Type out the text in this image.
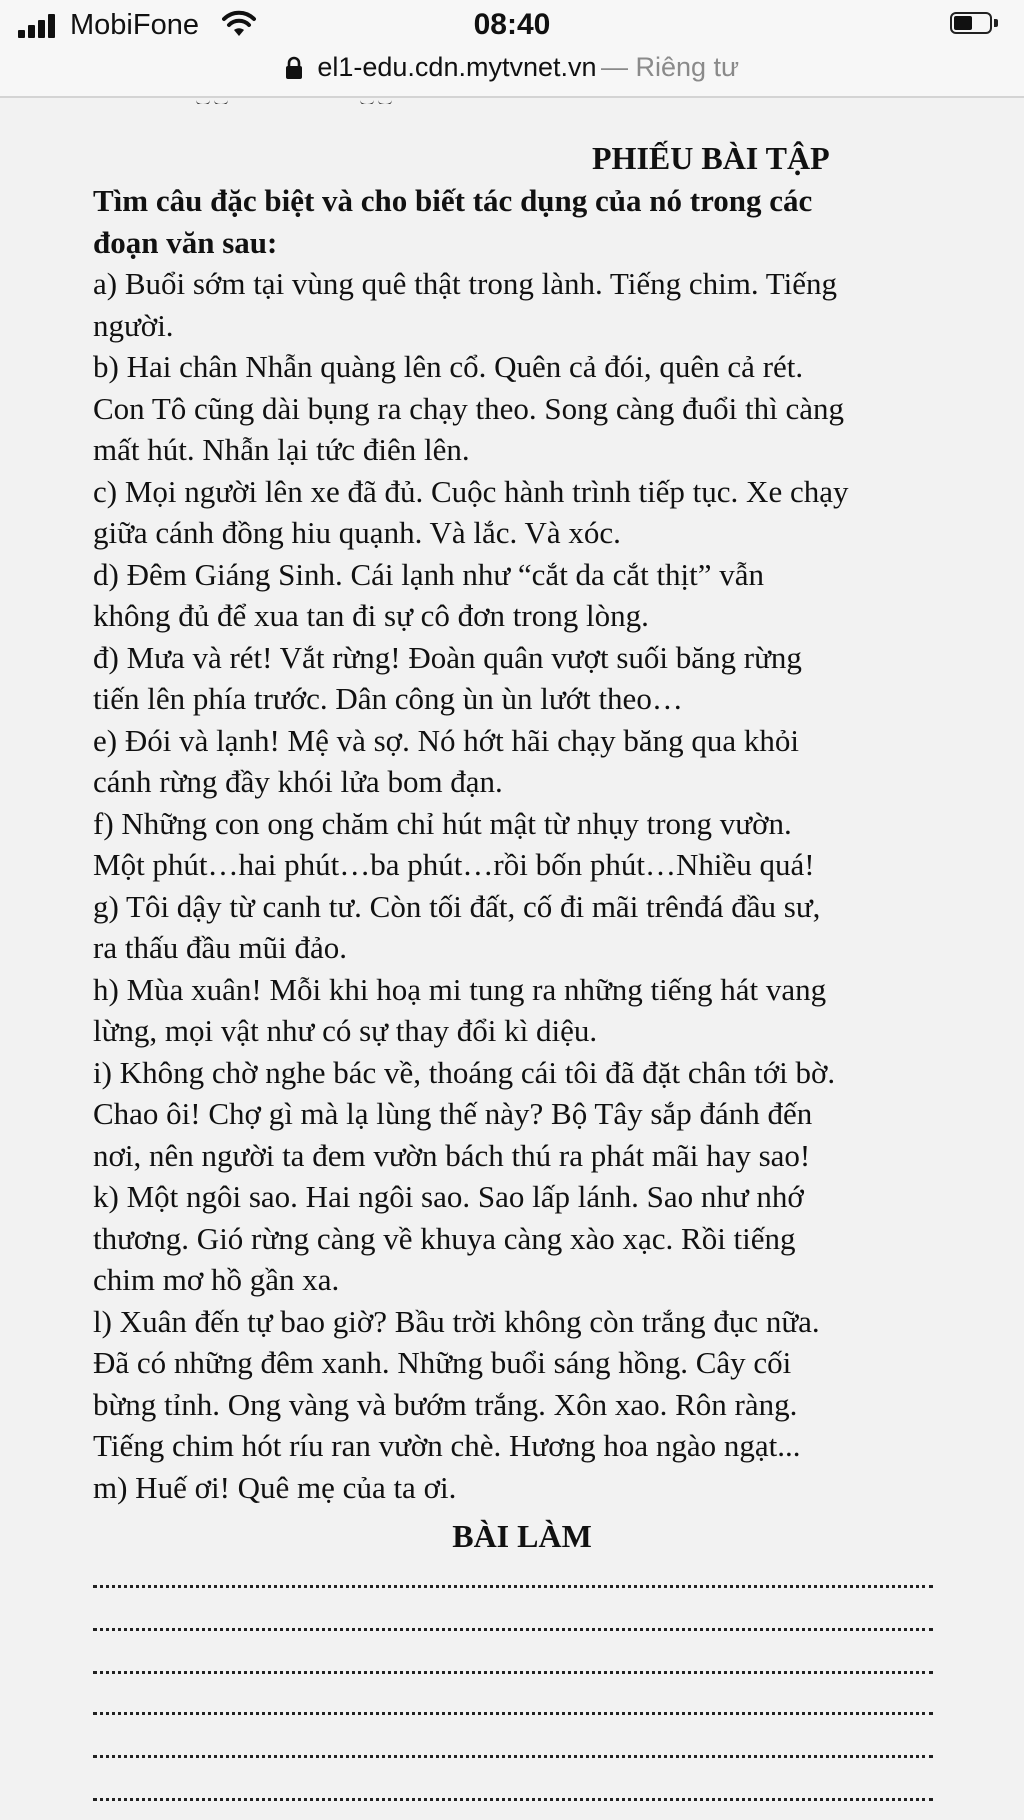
MobiFone	08:40
el1-edu.cdn.mytvnet.vn — Riêng tư
PHIẾU BÀI TẬP
Tìm câu đặc biệt và cho biết tác dụng của nó trong các
đoạn văn sau:
a) Buổi sớm tại vùng quê thật trong lành. Tiếng chim. Tiếng
người.
b) Hai chân Nhẫn quàng lên cổ. Quên cả đói, quên cả rét.
Con Tô cũng dài bụng ra chạy theo. Song càng đuổi thì càng
mất hút. Nhẫn lại tức điên lên.
c) Mọi người lên xe đã đủ. Cuộc hành trình tiếp tục. Xe chạy
giữa cánh đồng hiu quạnh. Và lắc. Và xóc.
d) Đêm Giáng Sinh. Cái lạnh như “cắt da cắt thịt” vẫn
không đủ để xua tan đi sự cô đơn trong lòng.
đ) Mưa và rét! Vắt rừng! Đoàn quân vượt suối băng rừng
tiến lên phía trước. Dân công ùn ùn lướt theo…
e) Đói và lạnh! Mệ và sợ. Nó hớt hãi chạy băng qua khỏi
cánh rừng đầy khói lửa bom đạn.
f) Những con ong chăm chỉ hút mật từ nhụy trong vườn.
Một phút…hai phút…ba phút…rồi bốn phút…Nhiều quá!
g) Tôi dậy từ canh tư. Còn tối đất, cố đi mãi trênđá đầu sư,
ra thấu đầu mũi đảo.
h) Mùa xuân! Mỗi khi hoạ mi tung ra những tiếng hát vang
lừng, mọi vật như có sự thay đổi kì diệu.
i) Không chờ nghe bác về, thoáng cái tôi đã đặt chân tới bờ.
Chao ôi! Chợ gì mà lạ lùng thế này? Bộ Tây sắp đánh đến
nơi, nên người ta đem vườn bách thú ra phát mãi hay sao!
k) Một ngôi sao. Hai ngôi sao. Sao lấp lánh. Sao như nhớ
thương. Gió rừng càng về khuya càng xào xạc. Rồi tiếng
chim mơ hồ gần xa.
l) Xuân đến tự bao giờ? Bầu trời không còn trắng đục nữa.
Đã có những đêm xanh. Những buổi sáng hồng. Cây cối
bừng tỉnh. Ong vàng và bướm trắng. Xôn xao. Rôn ràng.
Tiếng chim hót ríu ran vườn chè. Hương hoa ngào ngạt...
m) Huế ơi! Quê mẹ của ta ơi.
BÀI LÀM
